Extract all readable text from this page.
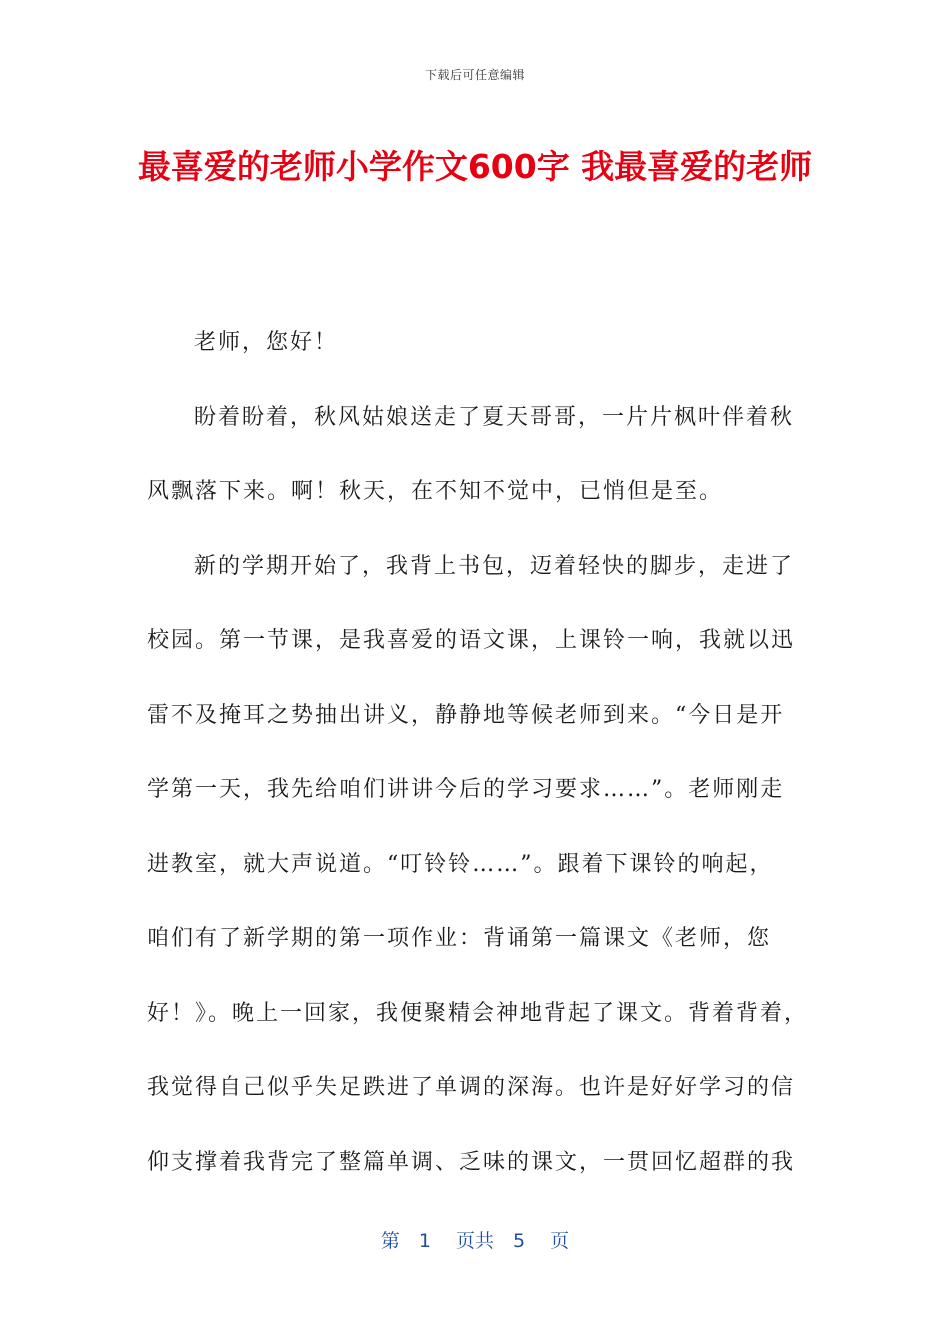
下载后可任意编辑
最喜爱的老师小学作文600字 我最喜爱的老师
老师，您好！
盼着盼着，秋风姑娘送走了夏天哥哥，一片片枫叶伴着秋
风飘落下来。啊！秋天，在不知不觉中，已悄但是至。
新的学期开始了，我背上书包，迈着轻快的脚步，走进了
校园。第一节课，是我喜爱的语文课，上课铃一响，我就以迅
雷不及掩耳之势抽出讲义，静静地等候老师到来。“今日是开
学第一天，我先给咱们讲讲今后的学习要求……”。老师刚走
进教室，就大声说道。“叮铃铃……”。跟着下课铃的响起，
咱们有了新学期的第一项作业：背诵第一篇课文《老师，您
好！》。晚上一回家，我便聚精会神地背起了课文。背着背着，
我觉得自己似乎失足跌进了单调的深海。也许是好好学习的信
仰支撑着我背完了整篇单调、乏味的课文，一贯回忆超群的我
第　1　 页共　5　 页
